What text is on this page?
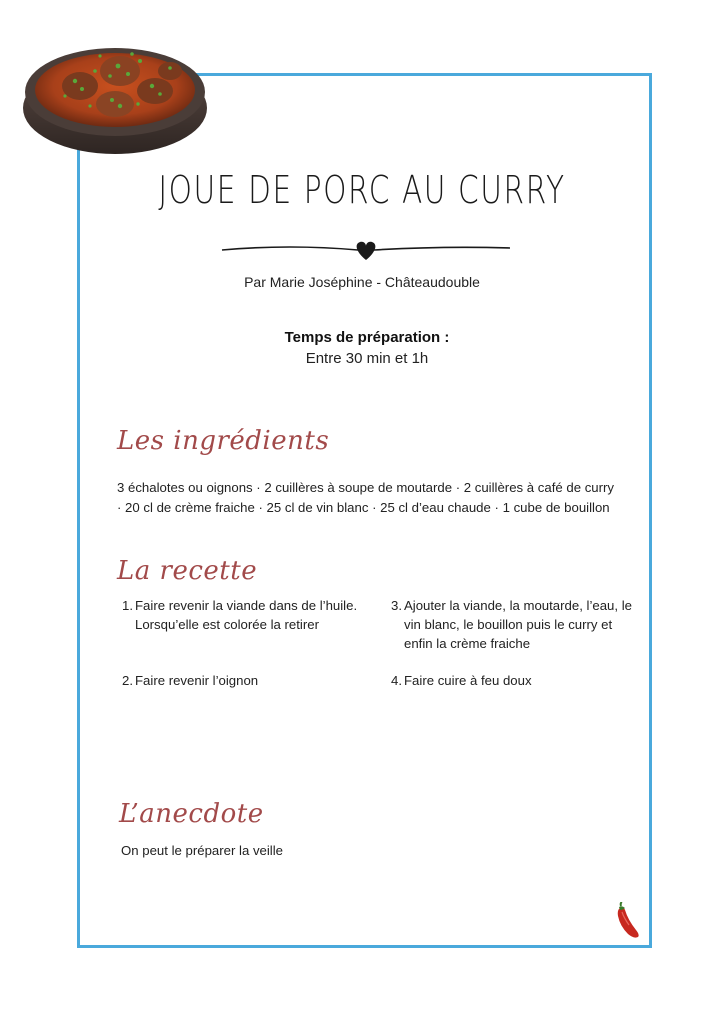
JOUE DE PORC AU CURRY
Par Marie Joséphine - Châteaudouble
Temps de préparation :
Entre 30 min et 1h
Les ingrédients
3 échalotes ou oignons · 2 cuillères à soupe de moutarde · 2 cuillères à café de curry · 20 cl de crème fraiche · 25 cl de vin blanc · 25 cl d’eau chaude · 1 cube de bouillon
La recette
1. Faire revenir la viande dans de l’huile. Lorsqu’elle est colorée la retirer
2. Faire revenir l’oignon
3. Ajouter la viande, la moutarde, l’eau, le vin blanc, le bouillon puis le curry et enfin la crème fraiche
4. Faire cuire à feu doux
L’anecdote
On peut le préparer la veille
